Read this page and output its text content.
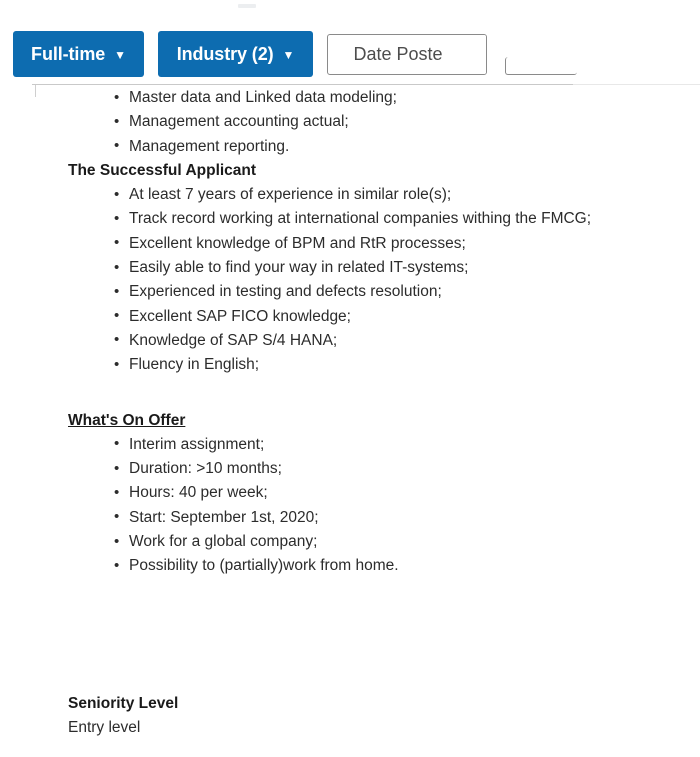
Full-time ▼	Industry (2) ▼	Date Poste
• Master data and Linked data modeling;
• Management accounting actual;
• Management reporting.
The Successful Applicant
• At least 7 years of experience in similar role(s);
• Track record working at international companies withing the FMCG;
• Excellent knowledge of BPM and RtR processes;
• Easily able to find your way in related IT-systems;
• Experienced in testing and defects resolution;
• Excellent SAP FICO knowledge;
• Knowledge of SAP S/4 HANA;
• Fluency in English;
What's On Offer
• Interim assignment;
• Duration: >10 months;
• Hours: 40 per week;
• Start: September 1st, 2020;
• Work for a global company;
• Possibility to (partially)work from home.
Seniority Level
Entry level
